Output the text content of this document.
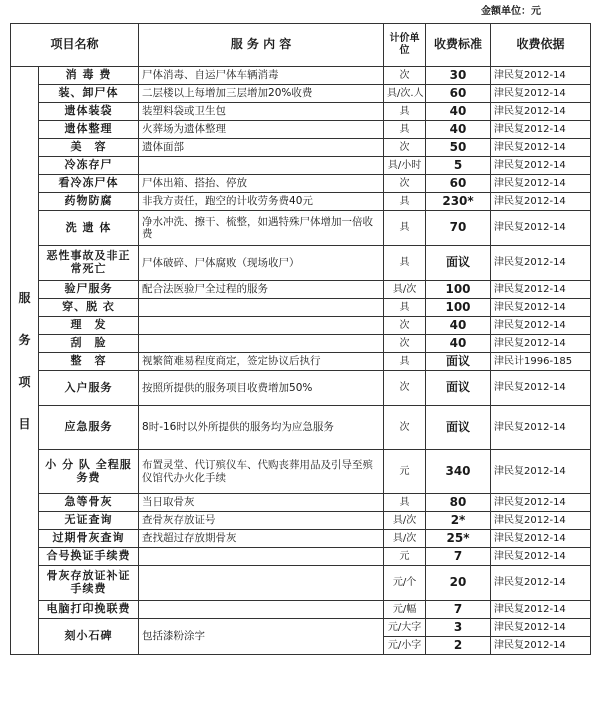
金额单位：元
项目名称		服 务 内 容	计价单位	收费标准	收费依据
服务项目	消 毒 费	尸体消毒、自运尸体车辆消毒	次	30	津民复2012-14
	装、卸尸体	二层楼以上每增加三层增加20%收费	具/次.人	60	津民复2012-14
	遗体装袋	装塑料袋或卫生包	具	40	津民复2012-14
	遗体整理	火葬场为遗体整理	具	40	津民复2012-14
	美　容	遗体面部	次	50	津民复2012-14
	冷冻存尸		具/小时	5	津民复2012-14
	看冷冻尸体	尸体出箱、搭抬、停放	次	60	津民复2012-14
	药物防腐	非我方责任，跑空的计收劳务费40元	具	230*	津民复2012-14
	洗 遗 体	净水冲洗、擦干、梳整，如遇特殊尸体增加一倍收费	具	70	津民复2012-14
	恶性事故及非正常死亡	尸体破碎、尸体腐败（现场收尸）	具	面议	津民复2012-14
	验尸服务	配合法医验尸全过程的服务	具/次	100	津民复2012-14
	穿、脱 衣		具	100	津民复2012-14
	理　发		次	40	津民复2012-14
	刮　脸		次	40	津民复2012-14
	整　容	视繁简难易程度商定，签定协议后执行	具	面议	津民计1996-185
	入户服务	按照所提供的服务项目收费增加50%	次	面议	津民复2012-14
	应急服务	8时-16时以外所提供的服务均为应急服务	次	面议	津民复2012-14
	小 分 队 全程服务费	布置灵堂、代订殡仪车、代购丧葬用品及引导至殡仪馆代办火化手续	元	340	津民复2012-14
	急等骨灰	当日取骨灰	具	80	津民复2012-14
	无证查询	查骨灰存放证号	具/次	2*	津民复2012-14
	过期骨灰查询	查找超过存放期骨灰	具/次	25*	津民复2012-14
	合号换证手续费		元	7	津民复2012-14
	骨灰存放证补证手续费		元/个	20	津民复2012-14
	电脑打印挽联费		元/幅	7	津民复2012-14
	刻小石碑	包括漆粉涂字	元/大字	3	津民复2012-14
			元/小字	2	津民复2012-14
